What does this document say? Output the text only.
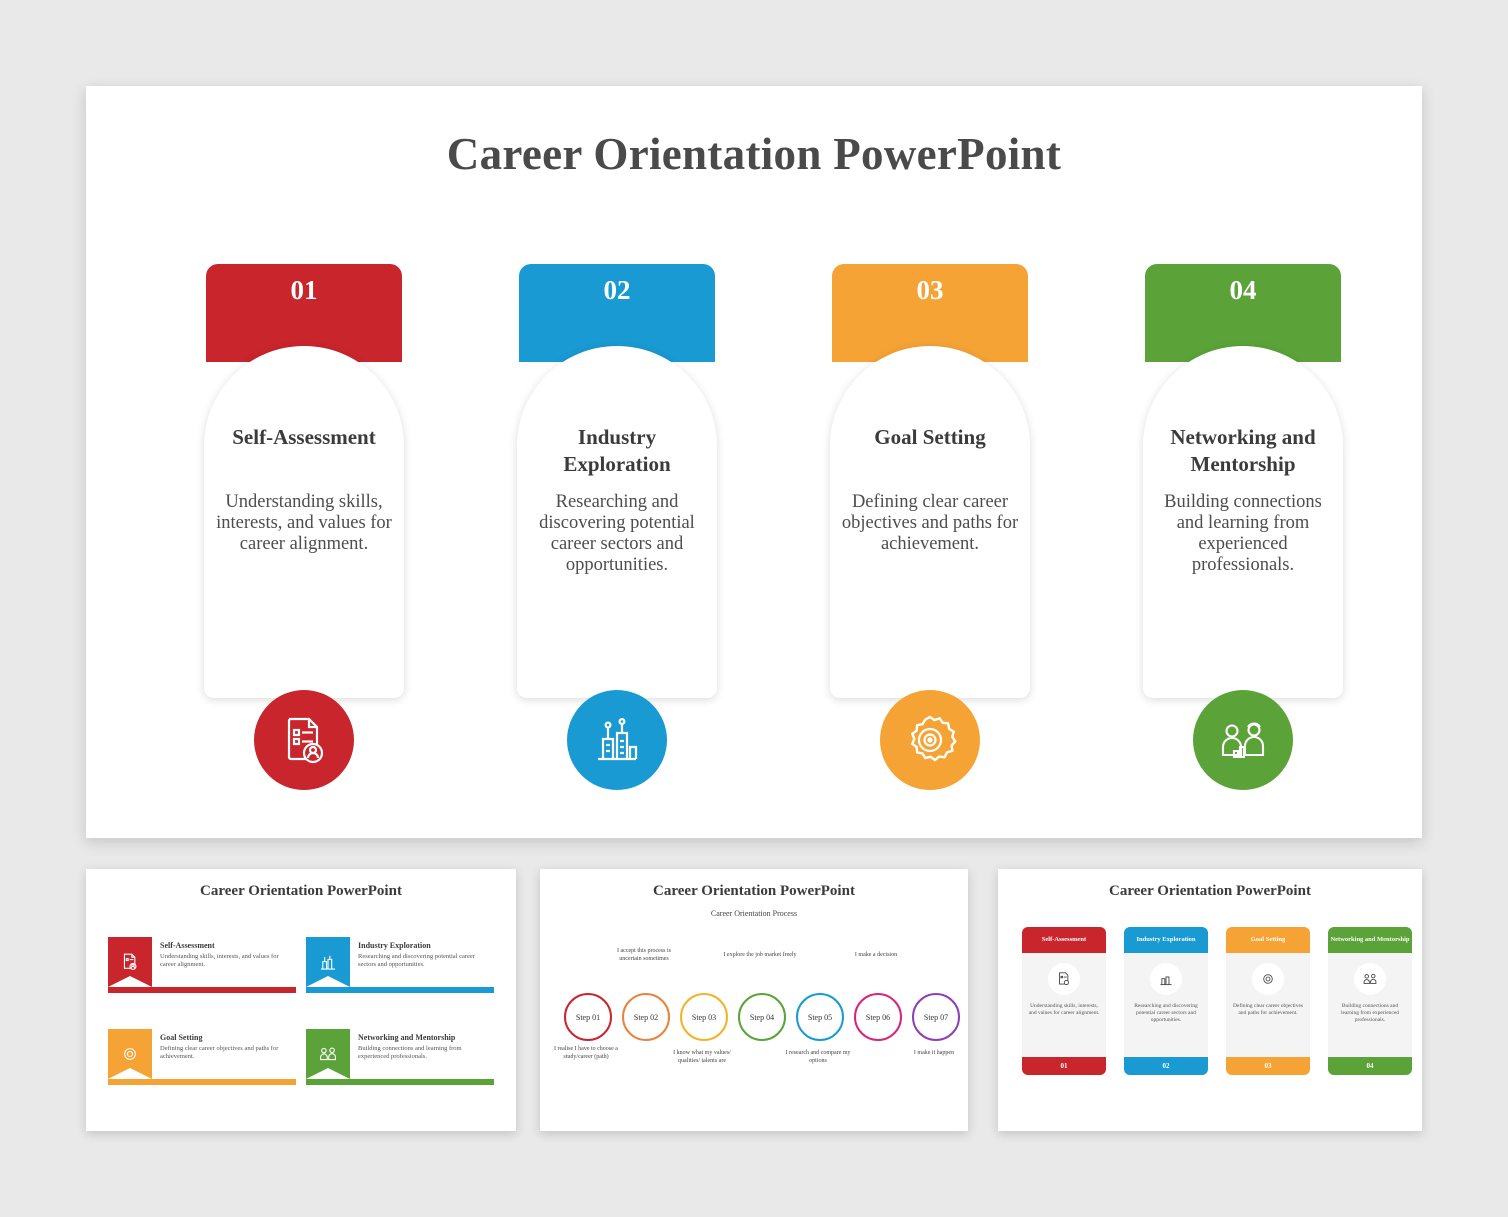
Career Orientation PowerPoint
01
Self-Assessment
Understanding skills, interests, and values for career alignment.
02
Industry Exploration
Researching and discovering potential career sectors and opportunities.
03
Goal Setting
Defining clear career objectives and paths for achievement.
04
Networking and Mentorship
Building connections and learning from experienced professionals.
Career Orientation PowerPoint
Self-Assessment
Understanding skills, interests, and values for career alignment.
Industry Exploration
Researching and discovering potential career sectors and opportunities.
Goal Setting
Defining clear career objectives and paths for achievement.
Networking and Mentorship
Building connections and learning from experienced professionals.
Career Orientation PowerPoint
Career Orientation Process
Step 01
I realise I have to choose a study/career (path)
Step 02
I accept this process is uncertain sometimes
Step 03
I know what my values/ qualities/ talents are
Step 04
I explore the job market freely
Step 05
I research and compare my options
Step 06
I make a decision
Step 07
I make it happen
Career Orientation PowerPoint
Self-Assessment
Understanding skills, interests, and values for career alignment.
01
Industry Exploration
Researching and discovering potential career sectors and opportunities.
02
Goal Setting
Defining clear career objectives and paths for achievement.
03
Networking and Mentorship
Building connections and learning from experienced professionals.
04
